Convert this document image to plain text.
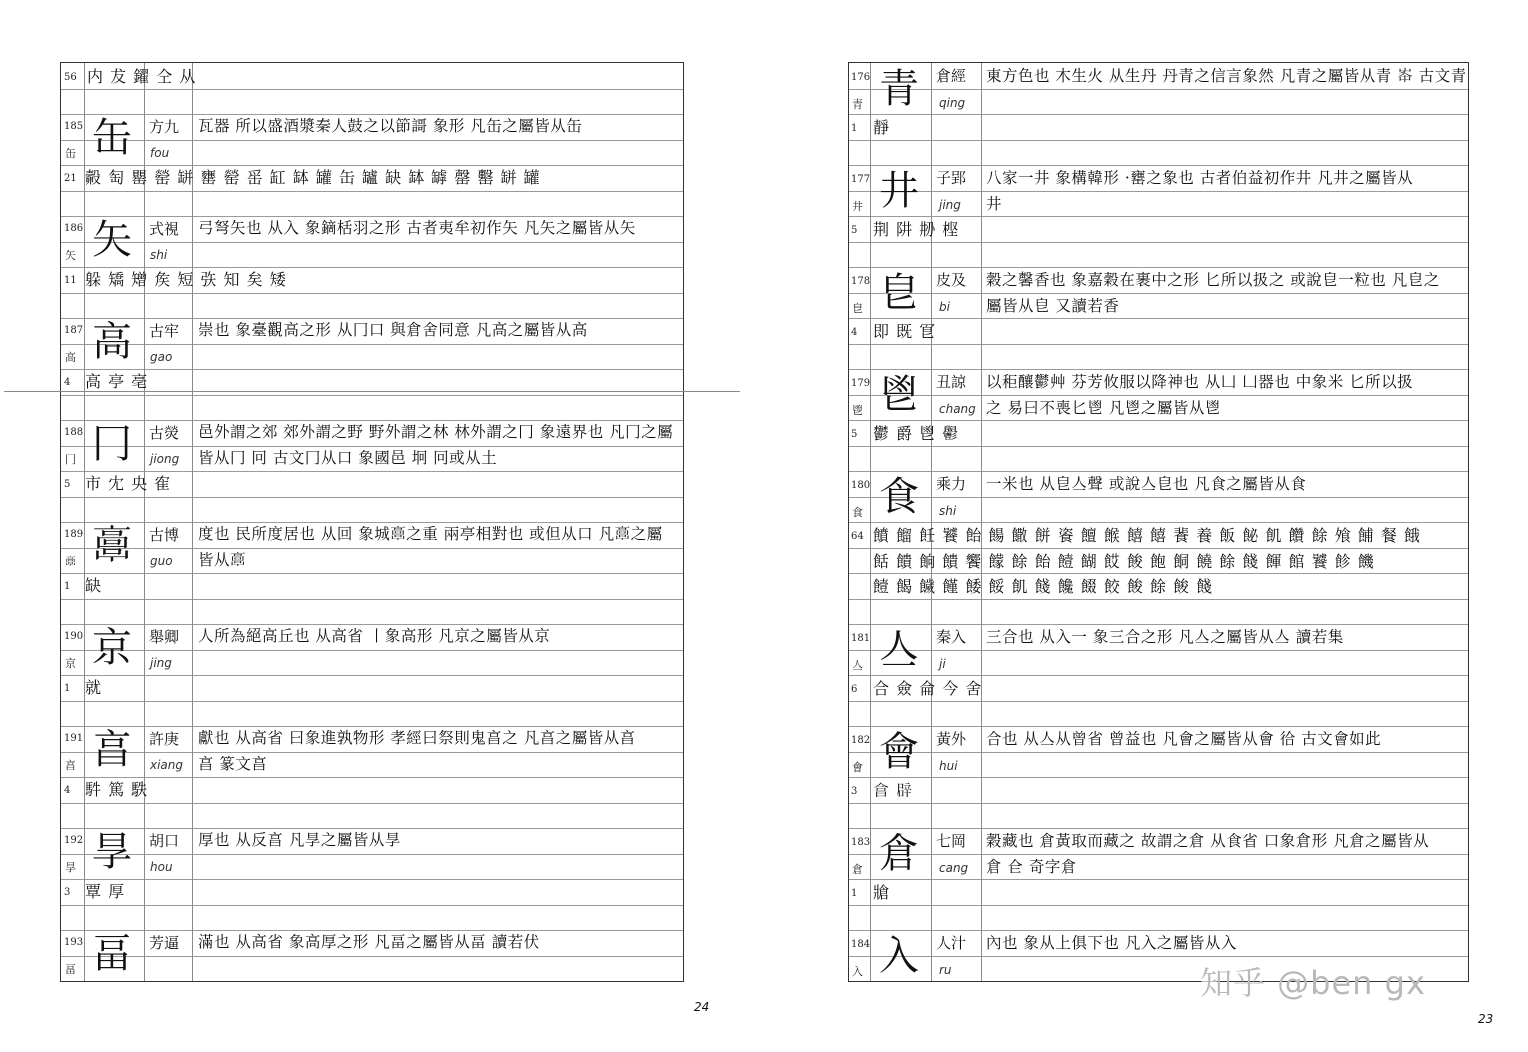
56 内 犮 鑃 仝 从
185
缶 缶 方九
fou
瓦器 所以盛酒漿秦人鼓之以節謌 象形 凡缶之屬皆从缶
21 㲉 匋 罌 罃 缾 罋 罃 䍃 缸 缽 罐 缶 罏 缺 缽 罅 罄 罊 缾 罐
186
矢 矢 式視
shi
弓弩矢也 从入 象鏑栝羽之形 古者夷牟初作矢 凡矢之屬皆从矢
11 躲 矯 矰 矦 短 矤 知 矣 矮
187
高 高 古牢
gao
崇也 象臺觀高之形 从冂口 與倉舍同意 凡高之屬皆从高
4 高 亭 亳
188
冂 冂 古熒
jiong
邑外謂之郊 郊外謂之野 野外謂之林 林外謂之冂 象遠界也 凡冂之屬
皆从冂 冋 古文冂从口 象國邑 坰 冋或从土
5 市 冘 央 隺
189
𩫖 𩫖 古博
guo
度也 民所度居也 从回 象城𩫖之重 兩亭相對也 或但从口 凡𩫖之屬
皆从𩫖
1 缺
190
京 京 舉卿
jing
人所為絕高丘也 从高省 丨象高形 凡京之屬皆从京
1 就
191
亯 亯 許庚
xiang
獻也 从高省 曰象進孰物形 孝經曰祭則鬼亯之 凡亯之屬皆从亯
亯 篆文亯
4 䭽 篤 䭿
192
㫗 㫗 胡口
hou
厚也 从反亯 凡㫗之屬皆从㫗
3 覃 厚
193
畐 畐 芳逼 滿也 从高省 象高厚之形 凡畐之屬皆从畐 讀若伏
176
青 青 倉經
qing
東方色也 木生火 从生丹 丹青之信言象然 凡青之屬皆从青 𡴑 古文青
1 靜
177
井 井 子郢
jing
八家一井 象構韓形 ·罋之象也 古者伯益初作井 凡井之屬皆从
井
5 荆 阱 刱 㭴
178
皀 皀 皮及
bi
穀之馨香也 象嘉穀在裹中之形 匕所以扱之 或說皀一粒也 凡皀之
屬皆从皀 又讀若香
4 即 既 冟
179
鬯 鬯 丑諒
chang
以秬釀鬱艸 芬芳攸服以降神也 从凵 凵器也 中象米 匕所以扱
之 易曰不喪匕鬯 凡鬯之屬皆从鬯
5 鬱 爵 鬯 𩰪
180
食 食 乘力
shi
一米也 从皀亼聲 或說亼皀也 凡食之屬皆从食
64 饙 餾 飪 饕 飴 餳 饊 餅 餈 饘 餱 饎 饎 餥 養 飯 飶 飢 饡 餘 飧 餔 餐 餓
餂 饋 餉 饋 饗 饛 餘 飴 饐 餬 餀 餕 飽 餇 饒 餘 餞 餫 館 饕 飻 饑
饐 餲 饖 饉 餧 餒 飢 餞 饞 餟 餃 餕 餘 餕 餞
181
亼 亼 秦入
ji
三合也 从入一 象三合之形 凡亼之屬皆从亼 讀若集
6 合 僉 侖 今 舍
182
會 會 黃外
hui
合也 从亼从曾省 曾益也 凡會之屬皆从會 㣛 古文會如此
3 𣌭 辟
183
倉 倉 七岡
cang
穀藏也 倉黃取而藏之 故謂之倉 从食省 口象倉形 凡倉之屬皆从
倉 仺 奇字倉
1 牄
184
入 入 人汁
ru
內也 象从上俱下也 凡入之屬皆从入
24
23
知乎 @ben gx
